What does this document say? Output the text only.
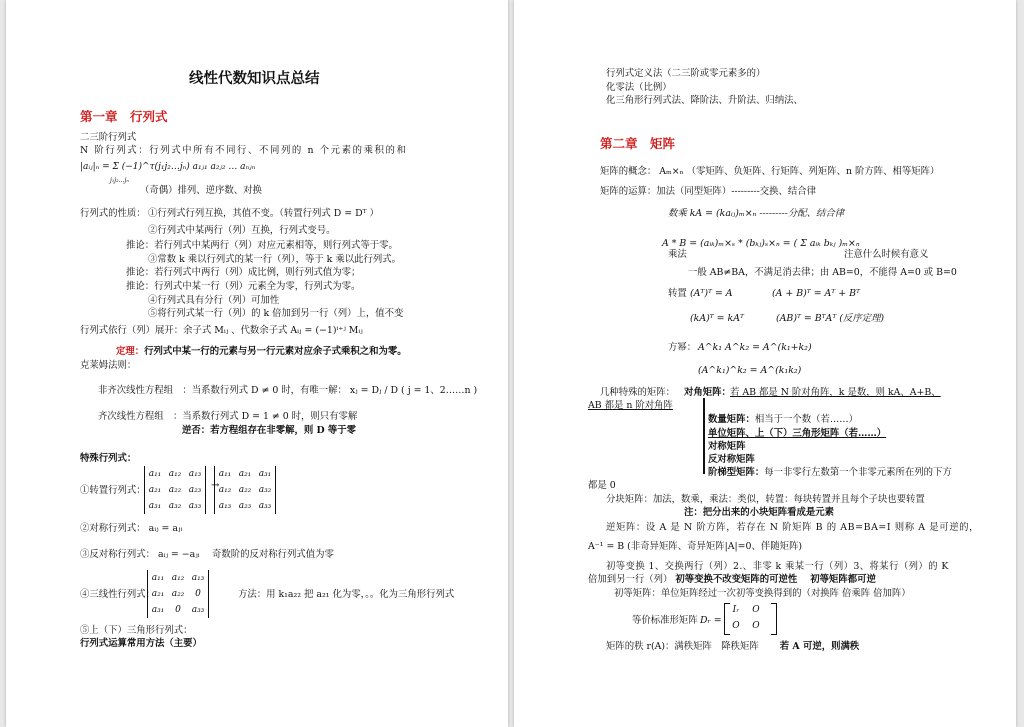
线性代数知识点总结
第一章　行列式
二三阶行列式
N 阶行列式：行列式中所有不同行、不同列的 n 个元素的乘积的和
|aᵢⱼ|ₙ = Σ (−1)^τ(j₁j₂…jₙ) a₁ⱼ₁ a₂ⱼ₂ … aₙⱼₙ
j₁j₂…jₙ
（奇偶）排列、逆序数、对换
行列式的性质： ①行列式行列互换，其值不变。（转置行列式 D = Dᵀ ）
②行列式中某两行（列）互换，行列式变号。
推论：若行列式中某两行（列）对应元素相等，则行列式等于零。
③常数 k 乘以行列式的某一行（列），等于 k 乘以此行列式。
推论：若行列式中两行（列）成比例，则行列式值为零；
推论：行列式中某一行（列）元素全为零，行列式为零。
④行列式具有分行（列）可加性
⑤将行列式某一行（列）的 k 倍加到另一行（列）上，值不变
行列式依行（列）展开：余子式 Mᵢⱼ 、代数余子式 Aᵢⱼ = (−1)ⁱ⁺ʲ Mᵢⱼ
定理：行列式中某一行的元素与另一行元素对应余子式乘积之和为零。
克莱姆法则：
非齐次线性方程组　：当系数行列式 D ≠ 0 时，有唯一解： xⱼ = Dⱼ / D ( j = 1、2……n )
齐次线性方程组　：当系数行列式 D = 1 ≠ 0 时，则只有零解
逆否：若方程组存在非零解，则 D 等于零
特殊行列式：
①转置行列式：
a₁₁	a₁₂	a₁₃
a₂₁	a₂₂	a₂₃
a₃₁	a₃₂	a₃₃
→
a₁₁	a₂₁	a₃₁
a₁₂	a₂₂	a₃₂
a₁₃	a₂₃	a₃₃
②对称行列式： aᵢⱼ = aⱼᵢ
③反对称行列式： aᵢⱼ = −aⱼᵢ 奇数阶的反对称行列式值为零
④三线性行列式：
a₁₁	a₁₂	a₁₃
a₂₁	a₂₂	0
a₃₁	0	a₃₃
方法：用 k₁a₂₂ 把 a₂₁ 化为零，。。化为三角形行列式
⑤上（下）三角形行列式：
行列式运算常用方法（主要）
行列式定义法（二三阶或零元素多的）
化零法（比例）
化三角形行列式法、降阶法、升阶法、归纳法、
第二章　矩阵
矩阵的概念： Aₘ×ₙ （零矩阵、负矩阵、行矩阵、列矩阵、n 阶方阵、相等矩阵）
矩阵的运算：加法（同型矩阵）---------交换、结合律
数乘 kA = (kaᵢⱼ)ₘ×ₙ ---------分配、结合律
A * B = (aᵢₖ)ₘ×ₛ * (bₖⱼ)ₛ×ₙ = ( Σ aᵢₖ bₖⱼ )ₘ×ₙ
乘法	注意什么时候有意义
一般 AB≠BA，不满足消去律；由 AB=0，不能得 A=0 或 B=0
转置 (Aᵀ)ᵀ = A	(A + B)ᵀ = Aᵀ + Bᵀ
(kA)ᵀ = kAᵀ	(AB)ᵀ = BᵀAᵀ (反序定理)
方幂： A^k₁ A^k₂ = A^(k₁+k₂)
(A^k₁)^k₂ = A^(k₁k₂)
几种特殊的矩阵： 对角矩阵： 若 AB 都是 N 阶对角阵，k 是数，则 kA、A+B、
AB 都是 n 阶对角阵
数量矩阵：相当于一个数（若……）
单位矩阵、上（下）三角形矩阵（若……）
对称矩阵
反对称矩阵
阶梯型矩阵：每一非零行左数第一个非零元素所在列的下方
都是 0
分块矩阵：加法，数乘，乘法：类似，转置：每块转置并且每个子块也要转置
注：把分出来的小块矩阵看成是元素
逆矩阵：设 A 是 N 阶方阵，若存在 N 阶矩阵 B 的 AB=BA=I 则称 A 是可逆的，
A⁻¹ = B (非奇异矩阵、奇异矩阵|A|=0、伴随矩阵)
初等变换 1、交换两行（列）2.、非零 k 乘某一行（列）3、将某行（列）的 K
倍加到另一行（列） 初等变换不改变矩阵的可逆性 初等矩阵都可逆
初等矩阵：单位矩阵经过一次初等变换得到的（对换阵 倍乘阵 倍加阵）
等价标准形矩阵 Dᵣ =
Iᵣ	O
O	O
矩阵的秩 r(A)：满秩矩阵　降秩矩阵 若 A 可逆，则满秩
